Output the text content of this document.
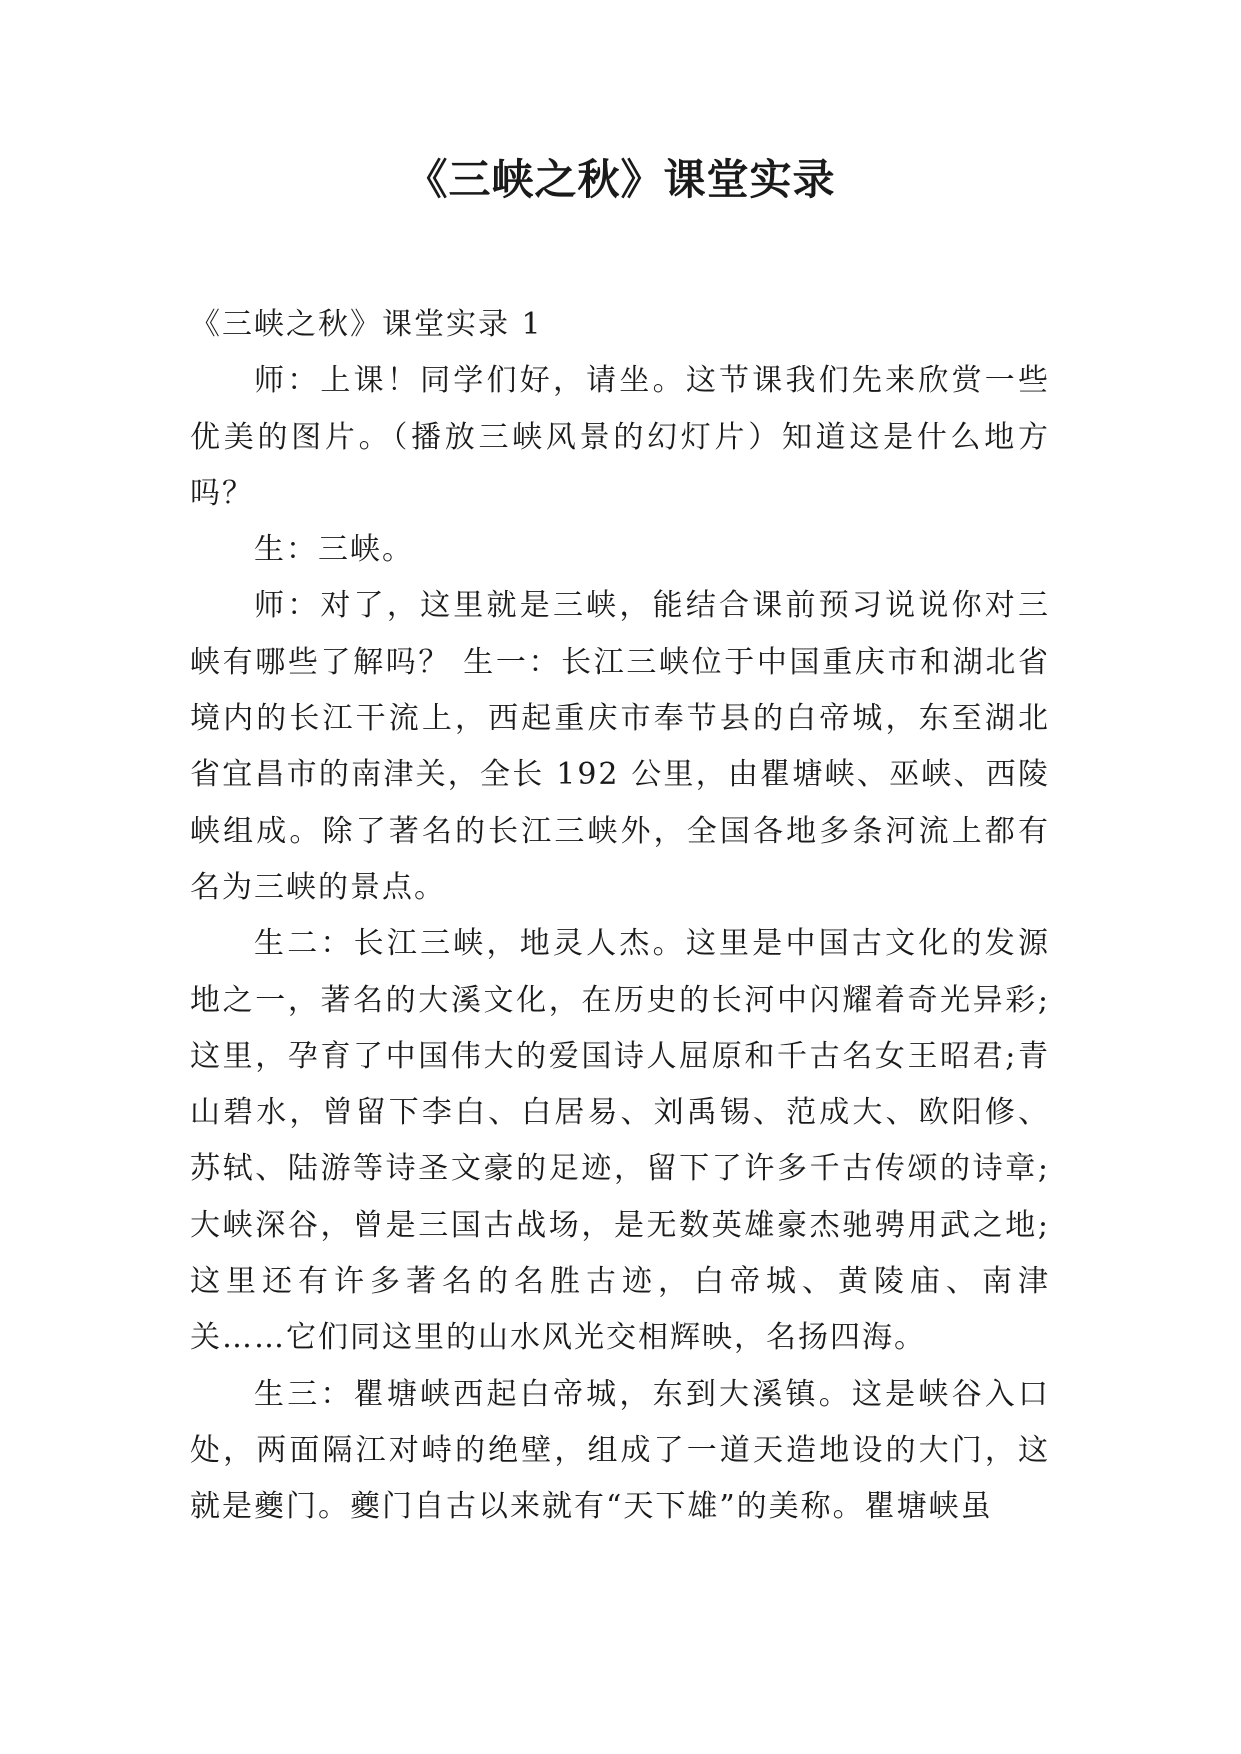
《三峡之秋》课堂实录

《三峡之秋》课堂实录 1

师：上课！同学们好，请坐。这节课我们先来欣赏一些优美的图片。（播放三峡风景的幻灯片）知道这是什么地方吗？

生：三峡。

师：对了，这里就是三峡，能结合课前预习说说你对三峡有哪些了解吗？ 生一：长江三峡位于中国重庆市和湖北省境内的长江干流上，西起重庆市奉节县的白帝城，东至湖北省宜昌市的南津关，全长 192 公里，由瞿塘峡、巫峡、西陵峡组成。除了著名的长江三峡外，全国各地多条河流上都有名为三峡的景点。

生二：长江三峡，地灵人杰。这里是中国古文化的发源地之一，著名的大溪文化，在历史的长河中闪耀着奇光异彩;这里，孕育了中国伟大的爱国诗人屈原和千古名女王昭君;青山碧水，曾留下李白、白居易、刘禹锡、范成大、欧阳修、苏轼、陆游等诗圣文豪的足迹，留下了许多千古传颂的诗章;大峡深谷，曾是三国古战场，是无数英雄豪杰驰骋用武之地;这里还有许多著名的名胜古迹，白帝城、黄陵庙、南津关……它们同这里的山水风光交相辉映，名扬四海。

生三：瞿塘峡西起白帝城，东到大溪镇。这是峡谷入口处，两面隔江对峙的绝壁，组成了一道天造地设的大门，这就是夔门。夔门自古以来就有“天下雄”的美称。瞿塘峡虽
